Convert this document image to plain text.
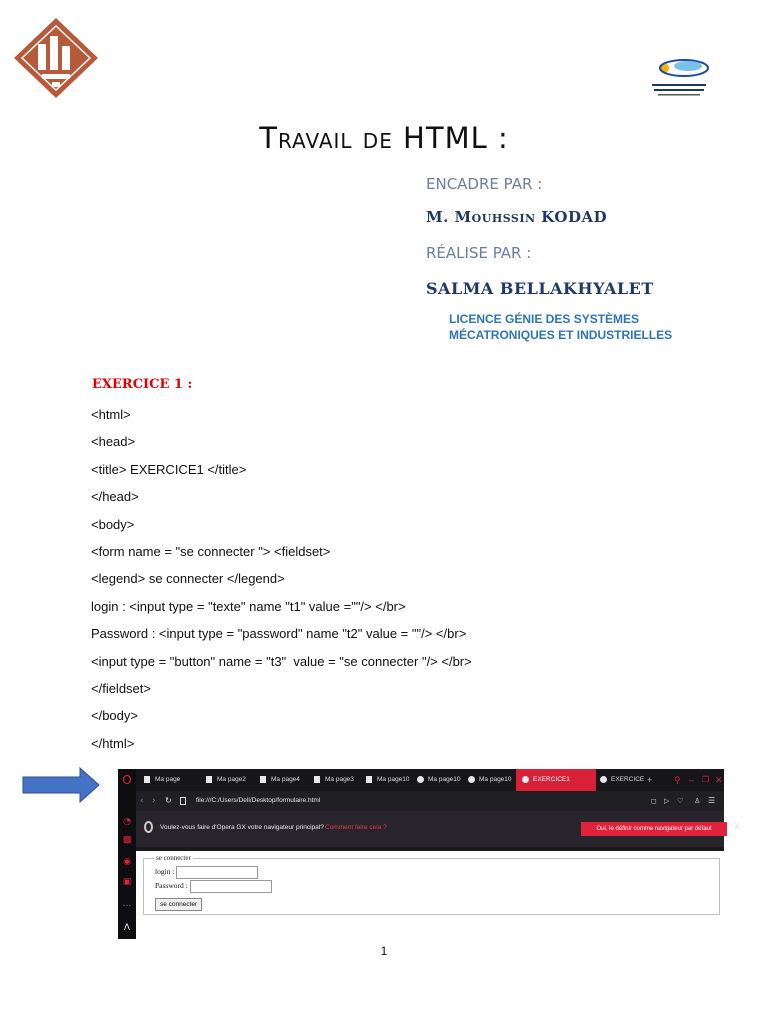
Travail de HTML :
ENCADRE PAR :
M. Mouhssin KODAD
RÉALISE PAR :
SALMA BELLAKHYALET
LICENCE GÉNIE DES SYSTÈMES
MÉCATRONIQUES ET INDUSTRIELLES
EXERCICE 1 :
<html>
<head>
<title> EXERCICE1 </title>
</head>
<body>
<form name = "se connecter "> <fieldset>
<legend> se connecter </legend>
login : <input type = "texte" name "t1" value =""/> </br>
Password : <input type = "password" name "t2" value = ""/> </br>
<input type = "button" name = "t3"  value = "se connecter "/> </br>
</fieldset>
</body>
</html>
Ma page	Ma page2	Ma page4	Ma page3	Ma page10	Ma page10	Ma page10	EXERCICE1	EXERCICE + ⚲ – ❐ ✕
‹ › ↻	file:///C:/Users/Dell/Desktop/formulaire.html	◻ ▷ ♡ ♙ ☰
O
◔
▩
◉
▣
…
Λ
Voulez-vous faire d'Opera GX votre navigateur principal? Comment faire cela ?	Oui, le définir comme navigateur par défaut	X
se connecter
login :
Password :
se connecter
1
